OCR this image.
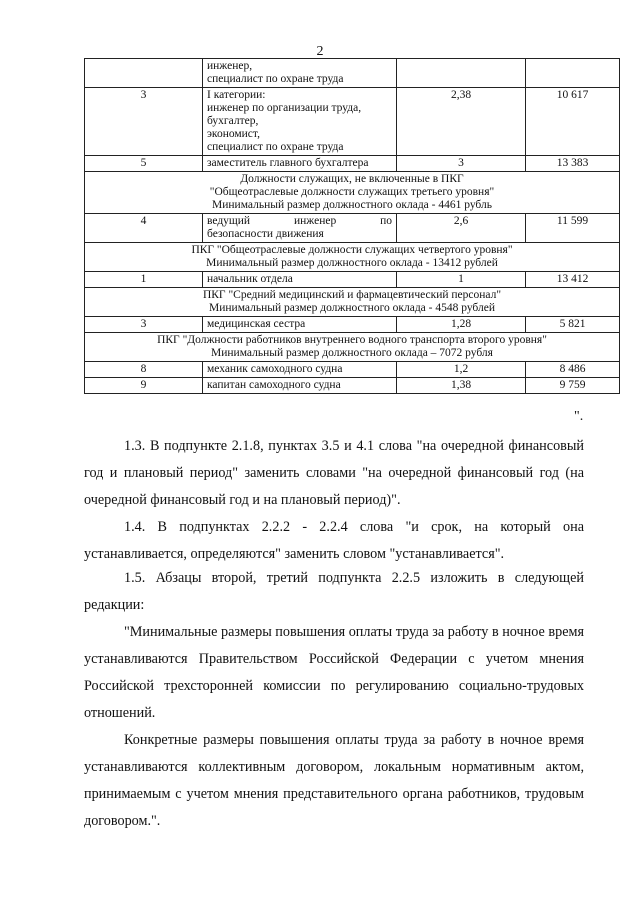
2

	инженер,
специалист по охране труда		

3	I категории:
инженер по организации труда,
бухгалтер,
экономист,
специалист по охране труда	2,38	10 617
5	заместитель главного бухгалтера	3	13 383

Должности служащих, не включенные в ПКГ
"Общеотраслевые должности служащих третьего уровня"
Минимальный размер должностного оклада - 4461 рубль			

4	ведущий инженер по
безопасности движения	2,6	11 599

ПКГ "Общеотраслевые должности служащих четвертого уровня"
Минимальный размер должностного оклада - 13412 рублей			

1	начальник отдела	1	13 412

ПКГ "Средний медицинский и фармацевтический персонал"
Минимальный размер должностного оклада - 4548 рублей			

3	медицинская сестра	1,28	5 821

ПКГ "Должности работников внутреннего водного транспорта второго уровня"
Минимальный размер должностного оклада – 7072 рубля			

8	механик самоходного судна	1,2	8 486
9	капитан самоходного судна	1,38	9 759
".

1.3. В подпункте 2.1.8, пунктах 3.5 и 4.1 слова "на очередной финансовый год и плановый период" заменить словами "на очередной финансовый год (на очередной финансовый год и на плановый период)".

1.4. В подпунктах 2.2.2 - 2.2.4 слова "и срок, на который она устанавливается, определяются" заменить словом "устанавливается".

1.5. Абзацы второй, третий подпункта 2.2.5 изложить в следующей редакции:

"Минимальные размеры повышения оплаты труда за работу в ночное время устанавливаются Правительством Российской Федерации с учетом мнения Российской трехсторонней комиссии по регулированию социально-трудовых отношений.

Конкретные размеры повышения оплаты труда за работу в ночное время устанавливаются коллективным договором, локальным нормативным актом, принимаемым с учетом мнения представительного органа работников, трудовым договором.".
